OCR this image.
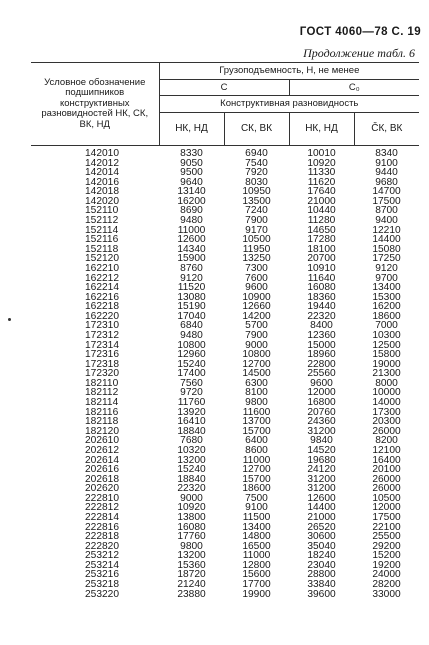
ГОСТ 4060—78 С. 19
Продолжение табл. 6
Условное обозначение подшипников конструктивных разновидностей НК, СК, ВК, НД	Грузоподъемность, Н, не менее			
	C		C₀	
	Конструктивная разновидность			
	НК, НД	СК, ВК	НК, НД	ČК, ВК
142010	8330	6940	10010	8340
142012	9050	7540	10920	9100
142014	9500	7920	11330	9440
142016	9640	8030	11620	9680
142018	13140	10950	17640	14700
142020	16200	13500	21000	17500
152110	8690	7240	10440	8700
152112	9480	7900	11280	9400
152114	11000	9170	14650	12210
152116	12600	10500	17280	14400
152118	14340	11950	18100	15080
152120	15900	13250	20700	17250
162210	8760	7300	10910	9120
162212	9120	7600	11640	9700
162214	11520	9600	16080	13400
162216	13080	10900	18360	15300
162218	15190	12660	19440	16200
162220	17040	14200	22320	18600
172310	6840	5700	8400	7000
172312	9480	7900	12360	10300
172314	10800	9000	15000	12500
172316	12960	10800	18960	15800
172318	15240	12700	22800	19000
172320	17400	14500	25560	21300
182110	7560	6300	9600	8000
182112	9720	8100	12000	10000
182114	11760	9800	16800	14000
182116	13920	11600	20760	17300
182118	16410	13700	24360	20300
182120	18840	15700	31200	26000
202610	7680	6400	9840	8200
202612	10320	8600	14520	12100
202614	13200	11000	19680	16400
202616	15240	12700	24120	20100
202618	18840	15700	31200	26000
202620	22320	18600	31200	26000
222810	9000	7500	12600	10500
222812	10920	9100	14400	12000
222814	13800	11500	21000	17500
222816	16080	13400	26520	22100
222818	17760	14800	30600	25500
222820	9800	16500	35040	29200
253212	13200	11000	18240	15200
253214	15360	12800	23040	19200
253216	18720	15600	28800	24000
253218	21240	17700	33840	28200
253220	23880	19900	39600	33000
